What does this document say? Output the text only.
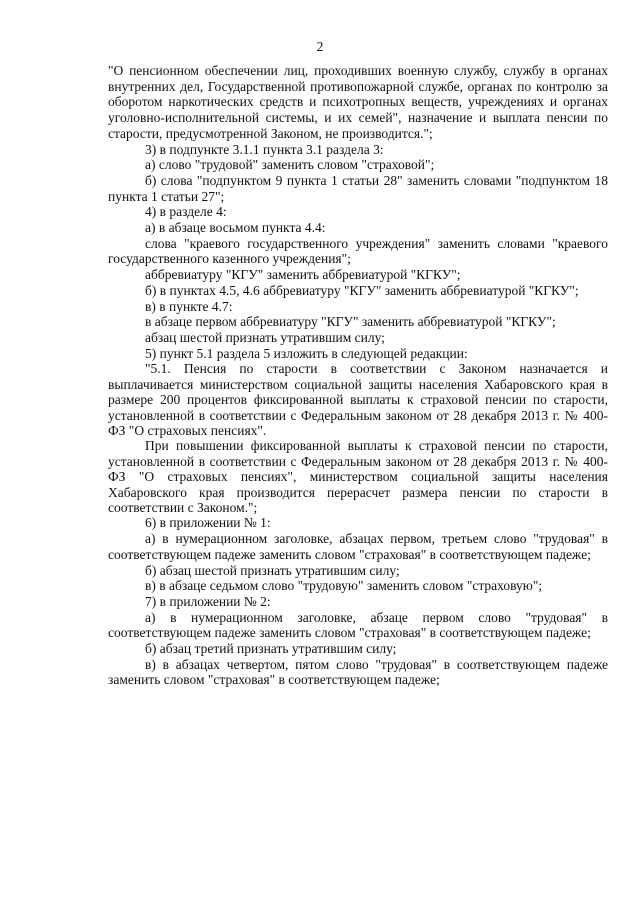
2

"О пенсионном обеспечении лиц, проходивших военную службу, службу в органах внутренних дел, Государственной противопожарной службе, органах по контролю за оборотом наркотических средств и психотропных веществ, учреждениях и органах уголовно-исполнительной системы, и их семей", назначение и выплата пенсии по старости, предусмотренной Законом, не производится.";

3) в подпункте 3.1.1 пункта 3.1 раздела 3:

а) слово "трудовой" заменить словом "страховой";

б) слова "подпунктом 9 пункта 1 статьи 28" заменить словами "подпунктом 18 пункта 1 статьи 27";

4) в разделе 4:

а) в абзаце восьмом пункта 4.4:

слова "краевого государственного учреждения" заменить словами "краевого государственного казенного учреждения";

аббревиатуру "КГУ" заменить аббревиатурой "КГКУ";

б) в пунктах 4.5, 4.6 аббревиатуру "КГУ" заменить аббревиатурой "КГКУ";

в) в пункте 4.7:

в абзаце первом аббревиатуру "КГУ" заменить аббревиатурой "КГКУ";

абзац шестой признать утратившим силу;

5) пункт 5.1 раздела 5 изложить в следующей редакции:

"5.1. Пенсия по старости в соответствии с Законом назначается и выплачивается министерством социальной защиты населения Хабаровского края в размере 200 процентов фиксированной выплаты к страховой пенсии по старости, установленной в соответствии с Федеральным законом от 28 декабря 2013 г. № 400-ФЗ "О страховых пенсиях".

При повышении фиксированной выплаты к страховой пенсии по старости, установленной в соответствии с Федеральным законом от 28 декабря 2013 г. № 400-ФЗ "О страховых пенсиях", министерством социальной защиты населения Хабаровского края производится перерасчет размера пенсии по старости в соответствии с Законом.";

6) в приложении № 1:

а) в нумерационном заголовке, абзацах первом, третьем слово "трудовая" в соответствующем падеже заменить словом "страховая" в соответствующем падеже;

б) абзац шестой признать утратившим силу;

в) в абзаце седьмом слово "трудовую" заменить словом "страховую";

7) в приложении № 2:

а) в нумерационном заголовке, абзаце первом слово "трудовая" в соответствующем падеже заменить словом "страховая" в соответствующем падеже;

б) абзац третий признать утратившим силу;

в) в абзацах четвертом, пятом слово "трудовая" в соответствующем падеже заменить словом "страховая" в соответствующем падеже;
